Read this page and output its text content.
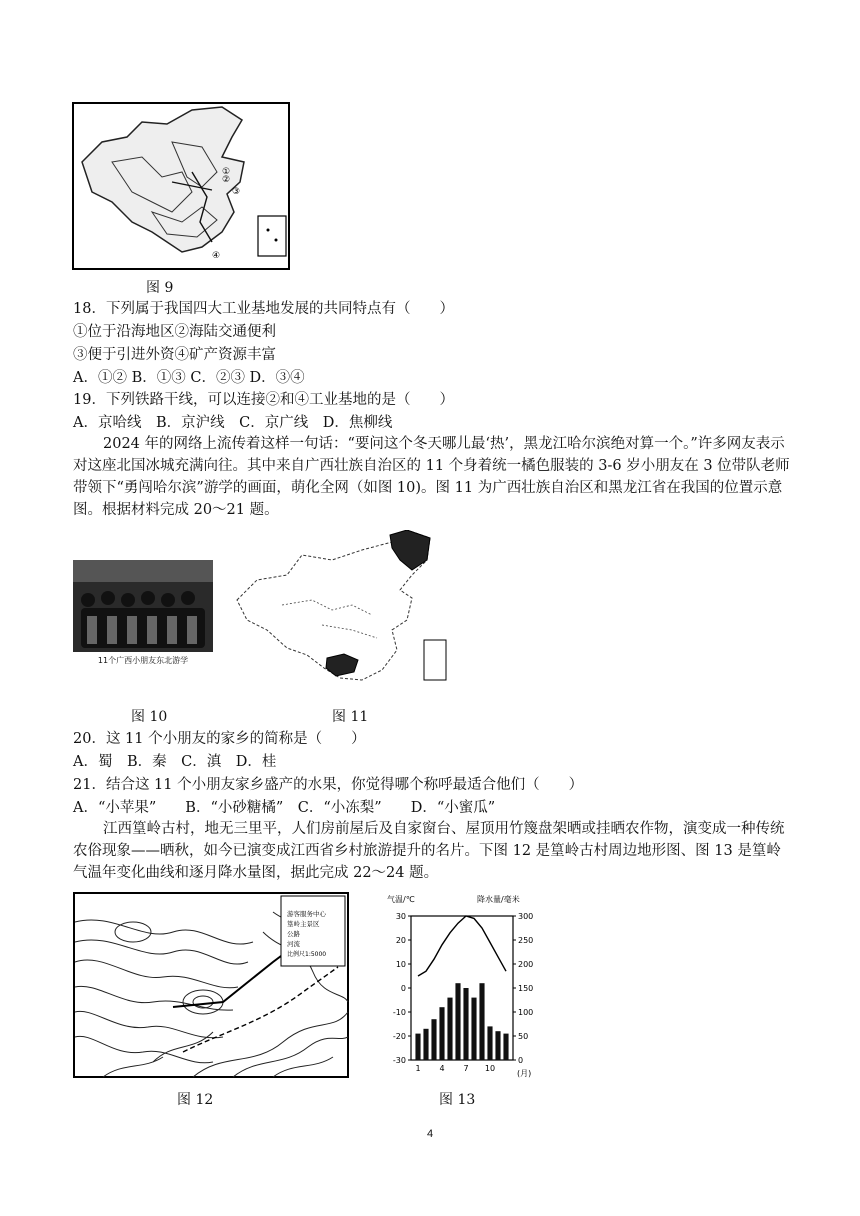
①
②
③
④
图 9
18．下列属于我国四大工业基地发展的共同特点有（　　）
①位于沿海地区②海陆交通便利
③便于引进外资④矿产资源丰富
A．①② B．①③ C．②③ D．③④
19．下列铁路干线，可以连接②和④工业基地的是（　　）
A．京哈线　B．京沪线　C．京广线　D．焦柳线
2024 年的网络上流传着这样一句话：“要问这个冬天哪儿最‘热’，黑龙江哈尔滨绝对算一个。”许多网友表示对这座北国冰城充满向往。其中来自广西壮族自治区的 11 个身着统一橘色服装的 3-6 岁小朋友在 3 位带队老师带领下“勇闯哈尔滨”游学的画面，萌化全网（如图 10)。图 11 为广西壮族自治区和黑龙江省在我国的位置示意图。根据材料完成 20～21 题。
11个广西小朋友东北游学
图 10	图 11
20．这 11 个小朋友的家乡的简称是（　　）
A．蜀　B．秦　C．滇　D．桂
21．结合这 11 个小朋友家乡盛产的水果，你觉得哪个称呼最适合他们（　　）
A．“小苹果”　　B．“小砂糖橘”　C．“小冻梨”　　D．“小蜜瓜”
江西篁岭古村，地无三里平，人们房前屋后及自家窗台、屋顶用竹篾盘架晒或挂晒农作物，演变成一种传统农俗现象——晒秋，如今已演变成江西省乡村旅游提升的名片。下图 12 是篁岭古村周边地形图、图 13 是篁岭气温年变化曲线和逐月降水量图，据此完成 22～24 题。
游客服务中心
篁岭主景区
公路
河流
比例尺1:5000
图 12
气温/℃	降水量/毫米
30
20
10
0
-10
-20
-30
300
250
200
150
100
50
0
1 4 7 10
(月)
图 13
4
